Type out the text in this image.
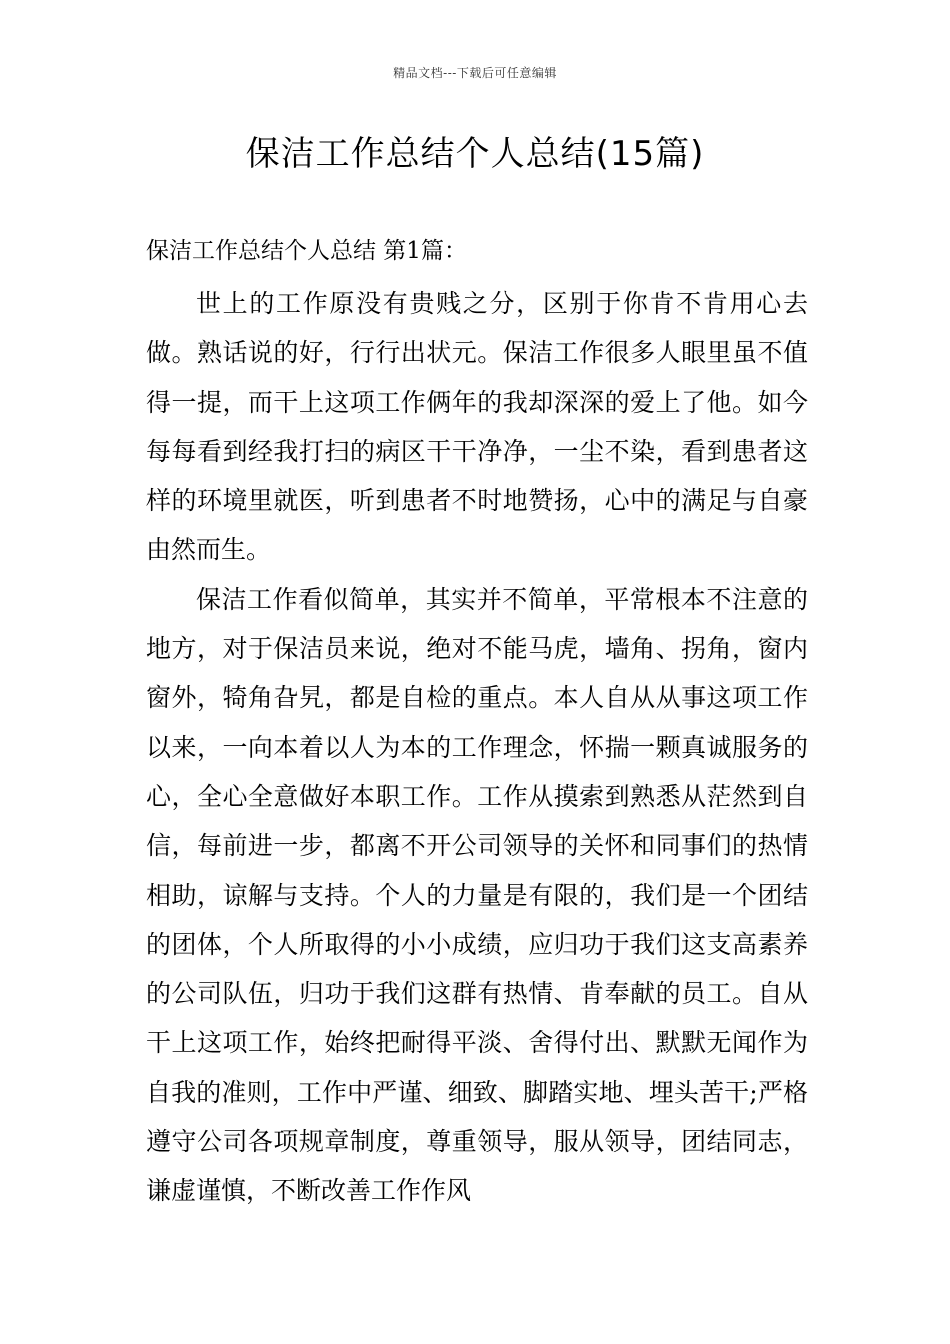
精品文档---下载后可任意编辑
保洁工作总结个人总结(15篇)
保洁工作总结个人总结 第1篇：

世上的工作原没有贵贱之分，区别于你肯不肯用心去做。熟话说的好，行行出状元。保洁工作很多人眼里虽不值得一提，而干上这项工作俩年的我却深深的爱上了他。如今每每看到经我打扫的病区干干净净，一尘不染，看到患者这样的环境里就医，听到患者不时地赞扬，心中的满足与自豪由然而生。

保洁工作看似简单，其实并不简单，平常根本不注意的地方，对于保洁员来说，绝对不能马虎，墙角、拐角，窗内窗外，犄角旮旯，都是自检的重点。本人自从从事这项工作以来，一向本着以人为本的工作理念，怀揣一颗真诚服务的心，全心全意做好本职工作。工作从摸索到熟悉从茫然到自信，每前进一步，都离不开公司领导的关怀和同事们的热情相助，谅解与支持。个人的力量是有限的，我们是一个团结的团体，个人所取得的小小成绩，应归功于我们这支高素养的公司队伍，归功于我们这群有热情、肯奉献的员工。自从干上这项工作，始终把耐得平淡、舍得付出、默默无闻作为自我的准则，工作中严谨、细致、脚踏实地、埋头苦干;严格遵守公司各项规章制度，尊重领导，服从领导，团结同志，谦虚谨慎，不断改善工作作风
